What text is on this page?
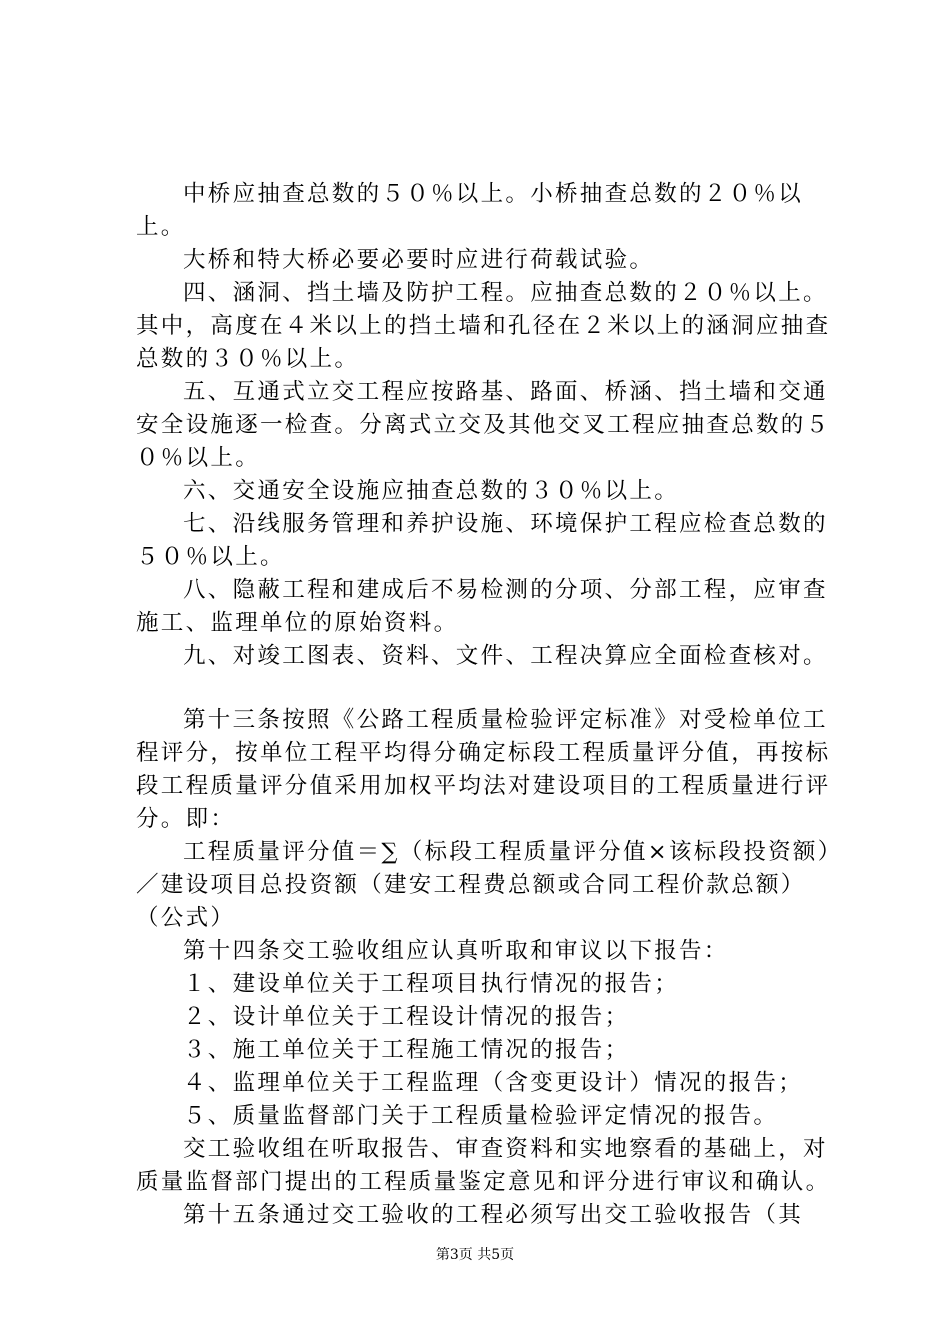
中桥应抽查总数的５０％以上。小桥抽查总数的２０％以上。

大桥和特大桥必要必要时应进行荷载试验。

四、涵洞、挡土墙及防护工程。应抽查总数的２０％以上。其中，高度在４米以上的挡土墙和孔径在２米以上的涵洞应抽查总数的３０％以上。

五、互通式立交工程应按路基、路面、桥涵、挡土墙和交通安全设施逐一检查。分离式立交及其他交叉工程应抽查总数的５０％以上。

六、交通安全设施应抽查总数的３０％以上。

七、沿线服务管理和养护设施、环境保护工程应检查总数的５０％以上。

八、隐蔽工程和建成后不易检测的分项、分部工程，应审查施工、监理单位的原始资料。

九、对竣工图表、资料、文件、工程决算应全面检查核对。

第十三条按照《公路工程质量检验评定标准》对受检单位工程评分，按单位工程平均得分确定标段工程质量评分值，再按标段工程质量评分值采用加权平均法对建设项目的工程质量进行评分。即：

工程质量评分值＝∑（标段工程质量评分值×该标段投资额）／建设项目总投资额（建安工程费总额或合同工程价款总额）（公式）

第十四条交工验收组应认真听取和审议以下报告：

１、建设单位关于工程项目执行情况的报告；

２、设计单位关于工程设计情况的报告；

３、施工单位关于工程施工情况的报告；

４、监理单位关于工程监理（含变更设计）情况的报告；

５、质量监督部门关于工程质量检验评定情况的报告。

交工验收组在听取报告、审查资料和实地察看的基础上，对质量监督部门提出的工程质量鉴定意见和评分进行审议和确认。

第十五条通过交工验收的工程必须写出交工验收报告（其

第3页 共5页
